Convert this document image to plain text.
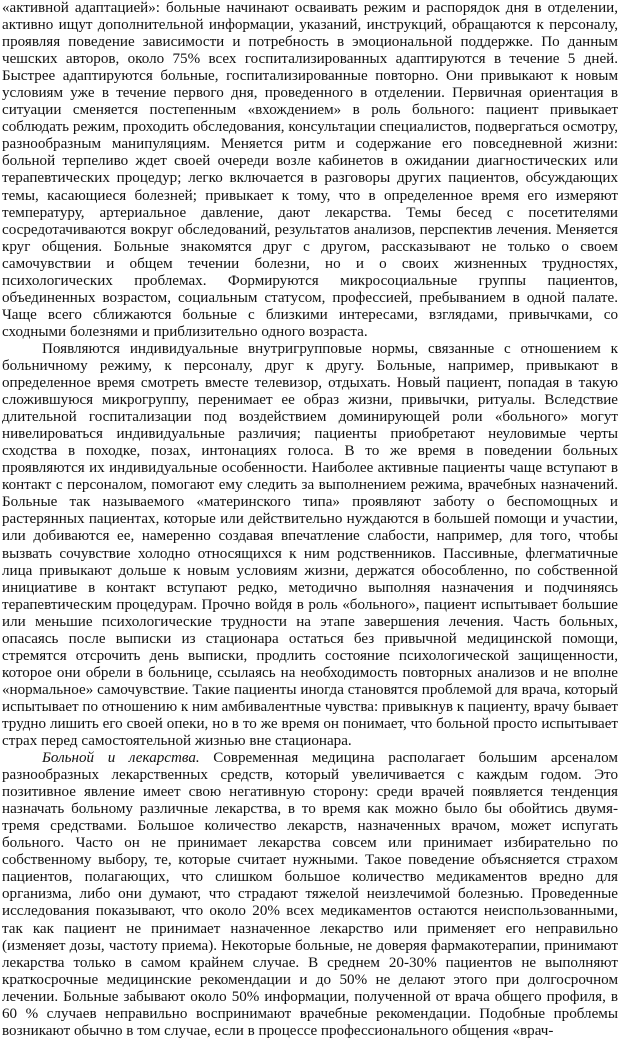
«активной адаптацией»: больные начинают осваивать режим и распорядок дня в отделении, активно ищут дополнительной информации, указаний, инструкций, обращаются к персоналу, проявляя поведение зависимости и потребность в эмоциональной поддержке. По данным чешских авторов, около 75% всех госпитализированных адаптируются в течение 5 дней. Быстрее адаптируются больные, госпитализированные повторно. Они привыкают к новым условиям уже в течение первого дня, проведенного в отделении. Первичная ориентация в ситуации сменяется постепенным «вхождением» в роль больного: пациент привыкает соблюдать режим, проходить обследования, консультации специалистов, подвергаться осмотру, разнообразным манипуляциям. Меняется ритм и содержание его повседневной жизни: больной терпеливо ждет своей очереди возле кабинетов в ожидании диагностических или терапевтических процедур; легко включается в разговоры других пациентов, обсуждающих темы, касающиеся болезней; привыкает к тому, что в определенное время его измеряют температуру, артериальное давление, дают лекарства. Темы бесед с посетителями сосредотачиваются вокруг обследований, результатов анализов, перспектив лечения. Меняется круг общения. Больные знакомятся друг с другом, рассказывают не только о своем самочувствии и общем течении болезни, но и о своих жизненных трудностях, психологических проблемах. Формируются микросоциальные группы пациентов, объединенных возрастом, социальным статусом, профессией, пребыванием в одной палате. Чаще всего сближаются больные с близкими интересами, взглядами, привычками, со сходными болезнями и приблизительно одного возраста.

Появляются индивидуальные внутригрупповые нормы, связанные с отношением к больничному режиму, к персоналу, друг к другу. Больные, например, привыкают в определенное время смотреть вместе телевизор, отдыхать. Новый пациент, попадая в такую сложившуюся микрогруппу, перенимает ее образ жизни, привычки, ритуалы. Вследствие длительной госпитализации под воздействием доминирующей роли «больного» могут нивелироваться индивидуальные различия; пациенты приобретают неуловимые черты сходства в походке, позах, интонациях голоса. В то же время в поведении больных проявляются их индивидуальные особенности. Наиболее активные пациенты чаще вступают в контакт с персоналом, помогают ему следить за выполнением режима, врачебных назначений. Больные так называемого «материнского типа» проявляют заботу о беспомощных и растерянных пациентах, которые или действительно нуждаются в большей помощи и участии, или добиваются ее, намеренно создавая впечатление слабости, например, для того, чтобы вызвать сочувствие холодно относящихся к ним родственников. Пассивные, флегматичные лица привыкают дольше к новым условиям жизни, держатся обособленно, по собственной инициативе в контакт вступают редко, методично выполняя назначения и подчиняясь терапевтическим процедурам. Прочно войдя в роль «больного», пациент испытывает большие или меньшие психологические трудности на этапе завершения лечения. Часть больных, опасаясь после выписки из стационара остаться без привычной медицинской помощи, стремятся отсрочить день выписки, продлить состояние психологической защищенности, которое они обрели в больнице, ссылаясь на необходимость повторных анализов и не вполне «нормальное» самочувствие. Такие пациенты иногда становятся проблемой для врача, который испытывает по отношению к ним амбивалентные чувства: привыкнув к пациенту, врачу бывает трудно лишить его своей опеки, но в то же время он понимает, что больной просто испытывает страх перед самостоятельной жизнью вне стационара.

Больной и лекарства. Современная медицина располагает большим арсеналом разнообразных лекарственных средств, который увеличивается с каждым годом. Это позитивное явление имеет свою негативную сторону: среди врачей появляется тенденция назначать больному различные лекарства, в то время как можно было бы обойтись двумя-тремя средствами. Большое количество лекарств, назначенных врачом, может испугать больного. Часто он не принимает лекарства совсем или принимает избирательно по собственному выбору, те, которые считает нужными. Такое поведение объясняется страхом пациентов, полагающих, что слишком большое количество медикаментов вредно для организма, либо они думают, что страдают тяжелой неизлечимой болезнью. Проведенные исследования показывают, что около 20% всех медикаментов остаются неиспользованными, так как пациент не принимает назначенное лекарство или применяет его неправильно (изменяет дозы, частоту приема). Некоторые больные, не доверяя фармакотерапии, принимают лекарства только в самом крайнем случае. В среднем 20-30% пациентов не выполняют краткосрочные медицинские рекомендации и до 50% не делают этого при долгосрочном лечении. Больные забывают около 50% информации, полученной от врача общего профиля, в 60 % случаев неправильно воспринимают врачебные рекомендации. Подобные проблемы возникают обычно в том случае, если в процессе профессионального общения «врач-
